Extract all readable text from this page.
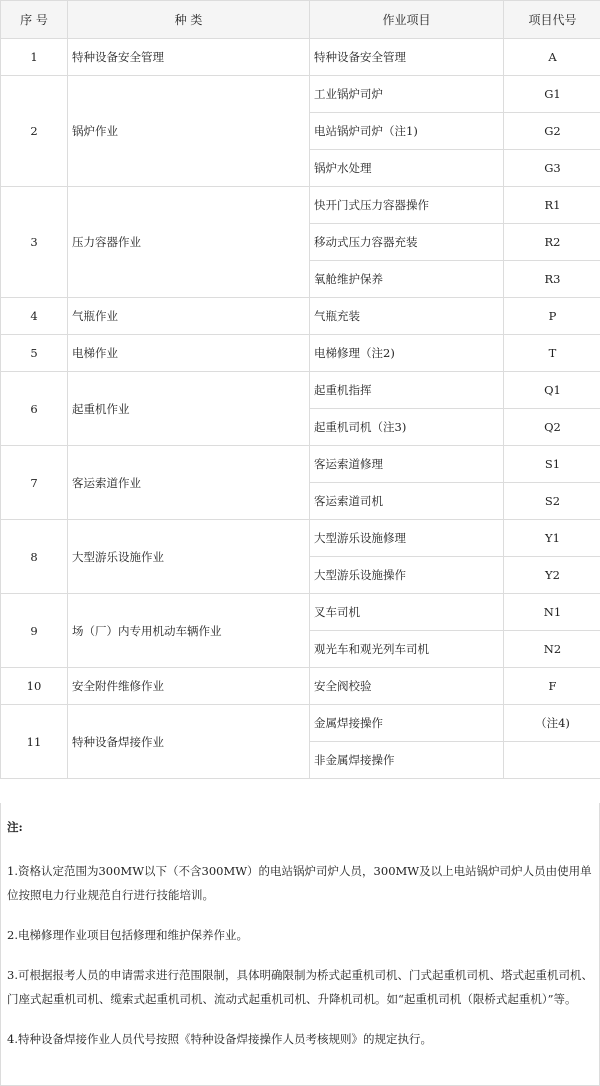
序 号	种 类	作业项目	项目代号
1	特种设备安全管理	特种设备安全管理	A
2	锅炉作业	工业锅炉司炉	G1
		电站锅炉司炉（注1)	G2
		锅炉水处理	G3
3	压力容器作业	快开门式压力容器操作	R1
		移动式压力容器充装	R2
		氧舱维护保养	R3
4	气瓶作业	气瓶充装	P
5	电梯作业	电梯修理（注2)	T
6	起重机作业	起重机指挥	Q1
		起重机司机（注3)	Q2
7	客运索道作业	客运索道修理	S1
		客运索道司机	S2
8	大型游乐设施作业	大型游乐设施修理	Y1
		大型游乐设施操作	Y2
9	场（厂）内专用机动车辆作业	叉车司机	N1
		观光车和观光列车司机	N2
10	安全附件维修作业	安全阀校验	F
11	特种设备焊接作业	金属焊接操作	（注4)
		非金属焊接操作	

注:

1.资格认定范围为300MW以下（不含300MW）的电站锅炉司炉人员，300MW及以上电站锅炉司炉人员由使用单位按照电力行业规范自行进行技能培训。

2.电梯修理作业项目包括修理和维护保养作业。

3.可根据报考人员的申请需求进行范围限制，具体明确限制为桥式起重机司机、门式起重机司机、塔式起重机司机、门座式起重机司机、缆索式起重机司机、流动式起重机司机、升降机司机。如“起重机司机（限桥式起重机）”等。

4.特种设备焊接作业人员代号按照《特种设备焊接操作人员考核规则》的规定执行。
